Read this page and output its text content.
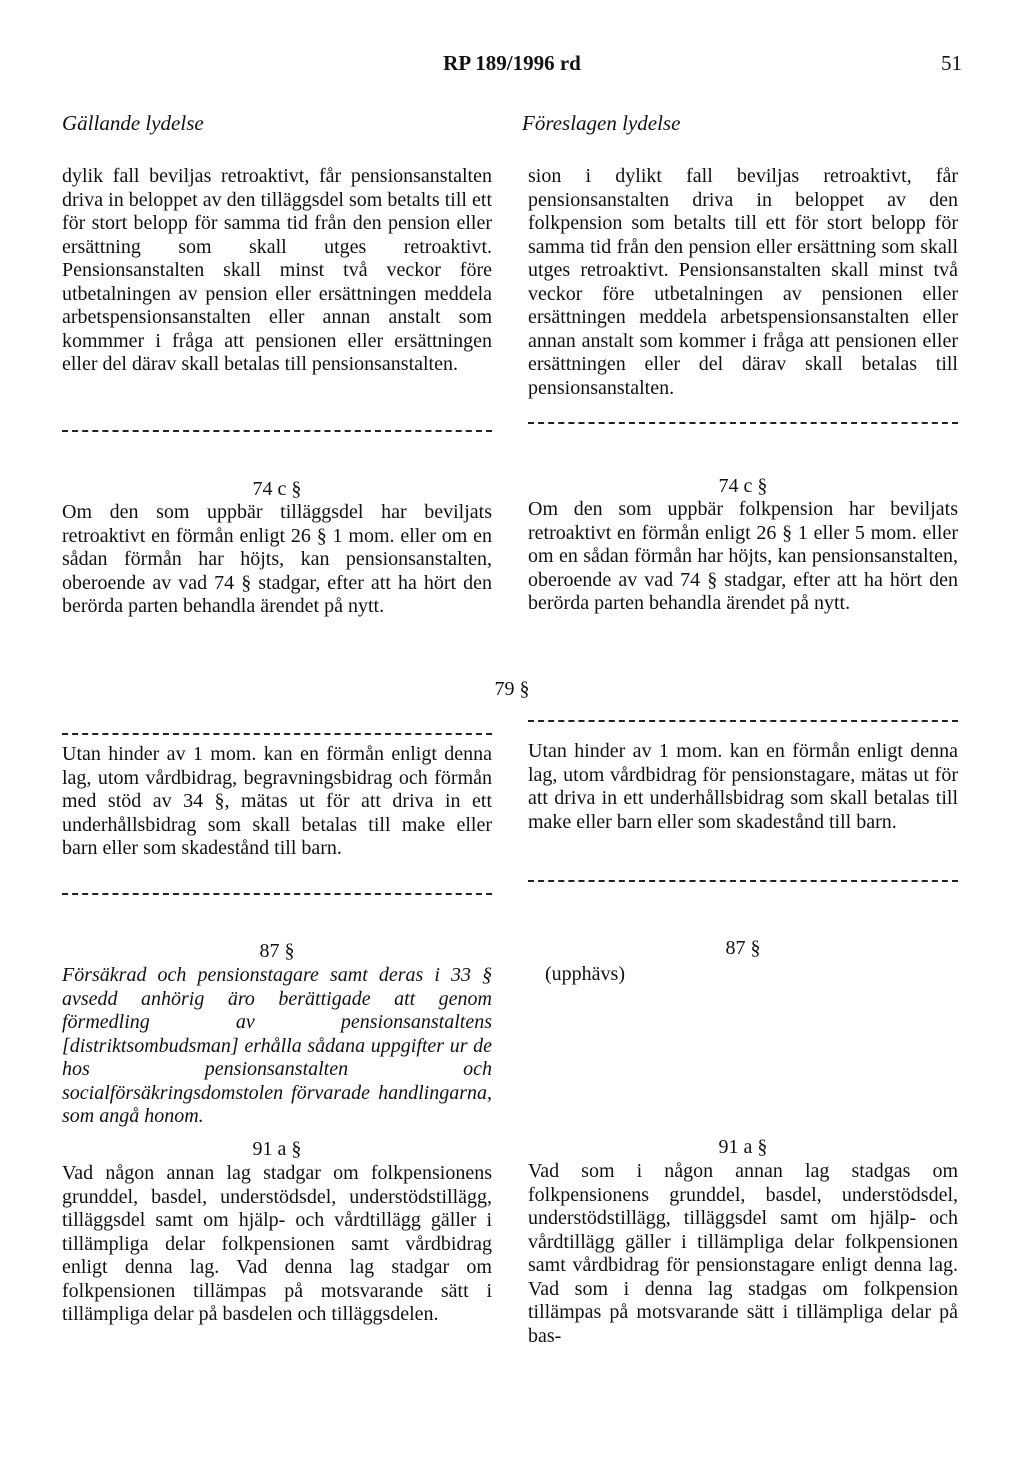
RP 189/1996 rd	51
Gällande lydelse	Föreslagen lydelse
dylik fall beviljas retroaktivt, får pensionsanstalten driva in beloppet av den tilläggsdel som betalts till ett för stort belopp för samma tid från den pension eller ersättning som skall utges retroaktivt. Pensionsanstalten skall minst två veckor före utbetalningen av pension eller ersättningen meddela arbetspensionsanstalten eller annan anstalt som kommmer i fråga att pensionen eller ersättningen eller del därav skall betalas till pensionsanstalten.
sion i dylikt fall beviljas retroaktivt, får pensionsanstalten driva in beloppet av den folkpension som betalts till ett för stort belopp för samma tid från den pension eller ersättning som skall utges retroaktivt. Pensionsanstalten skall minst två veckor före utbetalningen av pensionen eller ersättningen meddela arbetspensionsanstalten eller annan anstalt som kommer i fråga att pensionen eller ersättningen eller del därav skall betalas till pensionsanstalten.
74 c §
Om den som uppbär tilläggsdel har beviljats retroaktivt en förmån enligt 26 § 1 mom. eller om en sådan förmån har höjts, kan pensionsanstalten, oberoende av vad 74 § stadgar, efter att ha hört den berörda parten behandla ärendet på nytt.
74 c §
Om den som uppbär folkpension har beviljats retroaktivt en förmån enligt 26 § 1 eller 5 mom. eller om en sådan förmån har höjts, kan pensionsanstalten, oberoende av vad 74 § stadgar, efter att ha hört den berörda parten behandla ärendet på nytt.
79 §
Utan hinder av 1 mom. kan en förmån enligt denna lag, utom vårdbidrag, begravningsbidrag och förmån med stöd av 34 §, mätas ut för att driva in ett underhållsbidrag som skall betalas till make eller barn eller som skadestånd till barn.
Utan hinder av 1 mom. kan en förmån enligt denna lag, utom vårdbidrag för pensionstagare, mätas ut för att driva in ett underhållsbidrag som skall betalas till make eller barn eller som skadestånd till barn.
87 §
Försäkrad och pensionstagare samt deras i 33 § avsedd anhörig äro berättigade att genom förmedling av pensionsanstaltens [distriktsombudsman] erhålla sådana uppgifter ur de hos pensionsanstalten och socialförsäkringsdomstolen förvarade handlingarna, som angå honom.
87 §
(upphävs)
91 a §
Vad någon annan lag stadgar om folkpensionens grunddel, basdel, understödsdel, understödstillägg, tilläggsdel samt om hjälp- och vårdtillägg gäller i tillämpliga delar folkpensionen samt vårdbidrag enligt denna lag. Vad denna lag stadgar om folkpensionen tillämpas på motsvarande sätt i tillämpliga delar på basdelen och tilläggsdelen.
91 a §
Vad som i någon annan lag stadgas om folkpensionens grunddel, basdel, understödsdel, understödstillägg, tilläggsdel samt om hjälp- och vårdtillägg gäller i tillämpliga delar folkpensionen samt vårdbidrag för pensionstagare enligt denna lag. Vad som i denna lag stadgas om folkpension tillämpas på motsvarande sätt i tillämpliga delar på bas-
